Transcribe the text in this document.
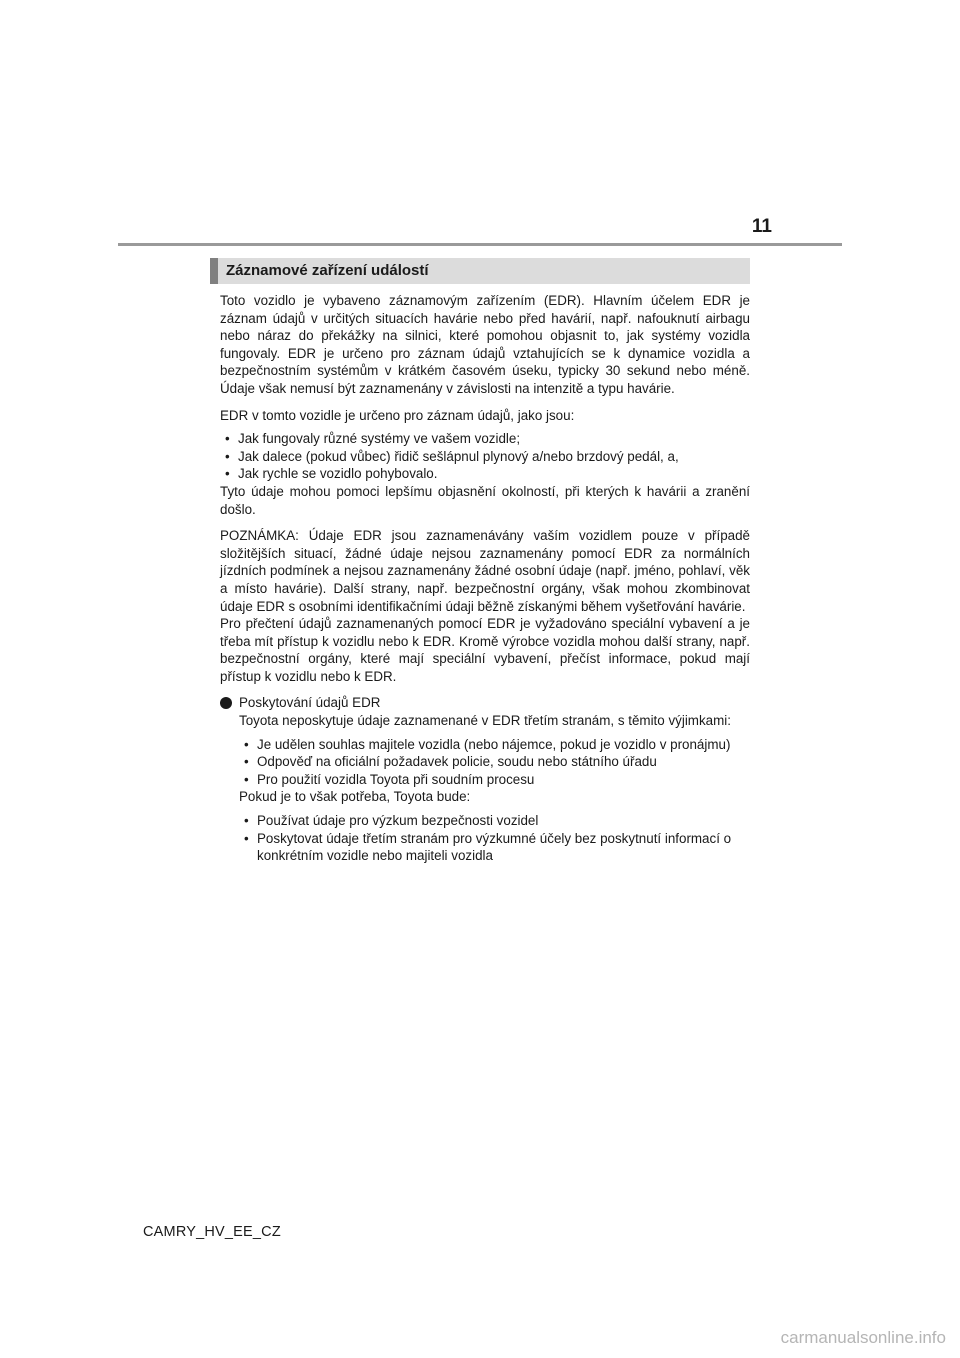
11
Záznamové zařízení událostí

Toto vozidlo je vybaveno záznamovým zařízením (EDR). Hlavním účelem EDR je záznam údajů v určitých situacích havárie nebo před havárií, např. nafouknutí airbagu nebo náraz do překážky na silnici, které pomohou objasnit to, jak systémy vozidla fungovaly. EDR je určeno pro záznam údajů vztahujících se k dynamice vozidla a bezpečnostním systémům v krátkém časovém úseku, typicky 30 sekund nebo méně. Údaje však nemusí být zaznamenány v závislosti na intenzitě a typu havárie.

EDR v tomto vozidle je určeno pro záznam údajů, jako jsou:

• Jak fungovaly různé systémy ve vašem vozidle;
• Jak dalece (pokud vůbec) řidič sešlápnul plynový a/nebo brzdový pedál, a,
• Jak rychle se vozidlo pohybovalo.

Tyto údaje mohou pomoci lepšímu objasnění okolností, při kterých k havárii a zranění došlo.

POZNÁMKA: Údaje EDR jsou zaznamenávány vaším vozidlem pouze v případě složitějších situací, žádné údaje nejsou zaznamenány pomocí EDR za normálních jízdních podmínek a nejsou zaznamenány žádné osobní údaje (např. jméno, pohlaví, věk a místo havárie). Další strany, např. bezpečnostní orgány, však mohou zkombinovat údaje EDR s osobními identifikačními údaji běžně získanými během vyšetřování havárie.

Pro přečtení údajů zaznamenaných pomocí EDR je vyžadováno speciální vybavení a je třeba mít přístup k vozidlu nebo k EDR. Kromě výrobce vozidla mohou další strany, např. bezpečnostní orgány, které mají speciální vybavení, přečíst informace, pokud mají přístup k vozidlu nebo k EDR.

Poskytování údajů EDR

Toyota neposkytuje údaje zaznamenané v EDR třetím stranám, s těmito výjimkami:

• Je udělen souhlas majitele vozidla (nebo nájemce, pokud je vozidlo v pronájmu)
• Odpověď na oficiální požadavek policie, soudu nebo státního úřadu
• Pro použití vozidla Toyota při soudním procesu

Pokud je to však potřeba, Toyota bude:

• Používat údaje pro výzkum bezpečnosti vozidel
• Poskytovat údaje třetím stranám pro výzkumné účely bez poskytnutí informací o konkrétním vozidle nebo majiteli vozidla
CAMRY_HV_EE_CZ
carmanualsonline.info
